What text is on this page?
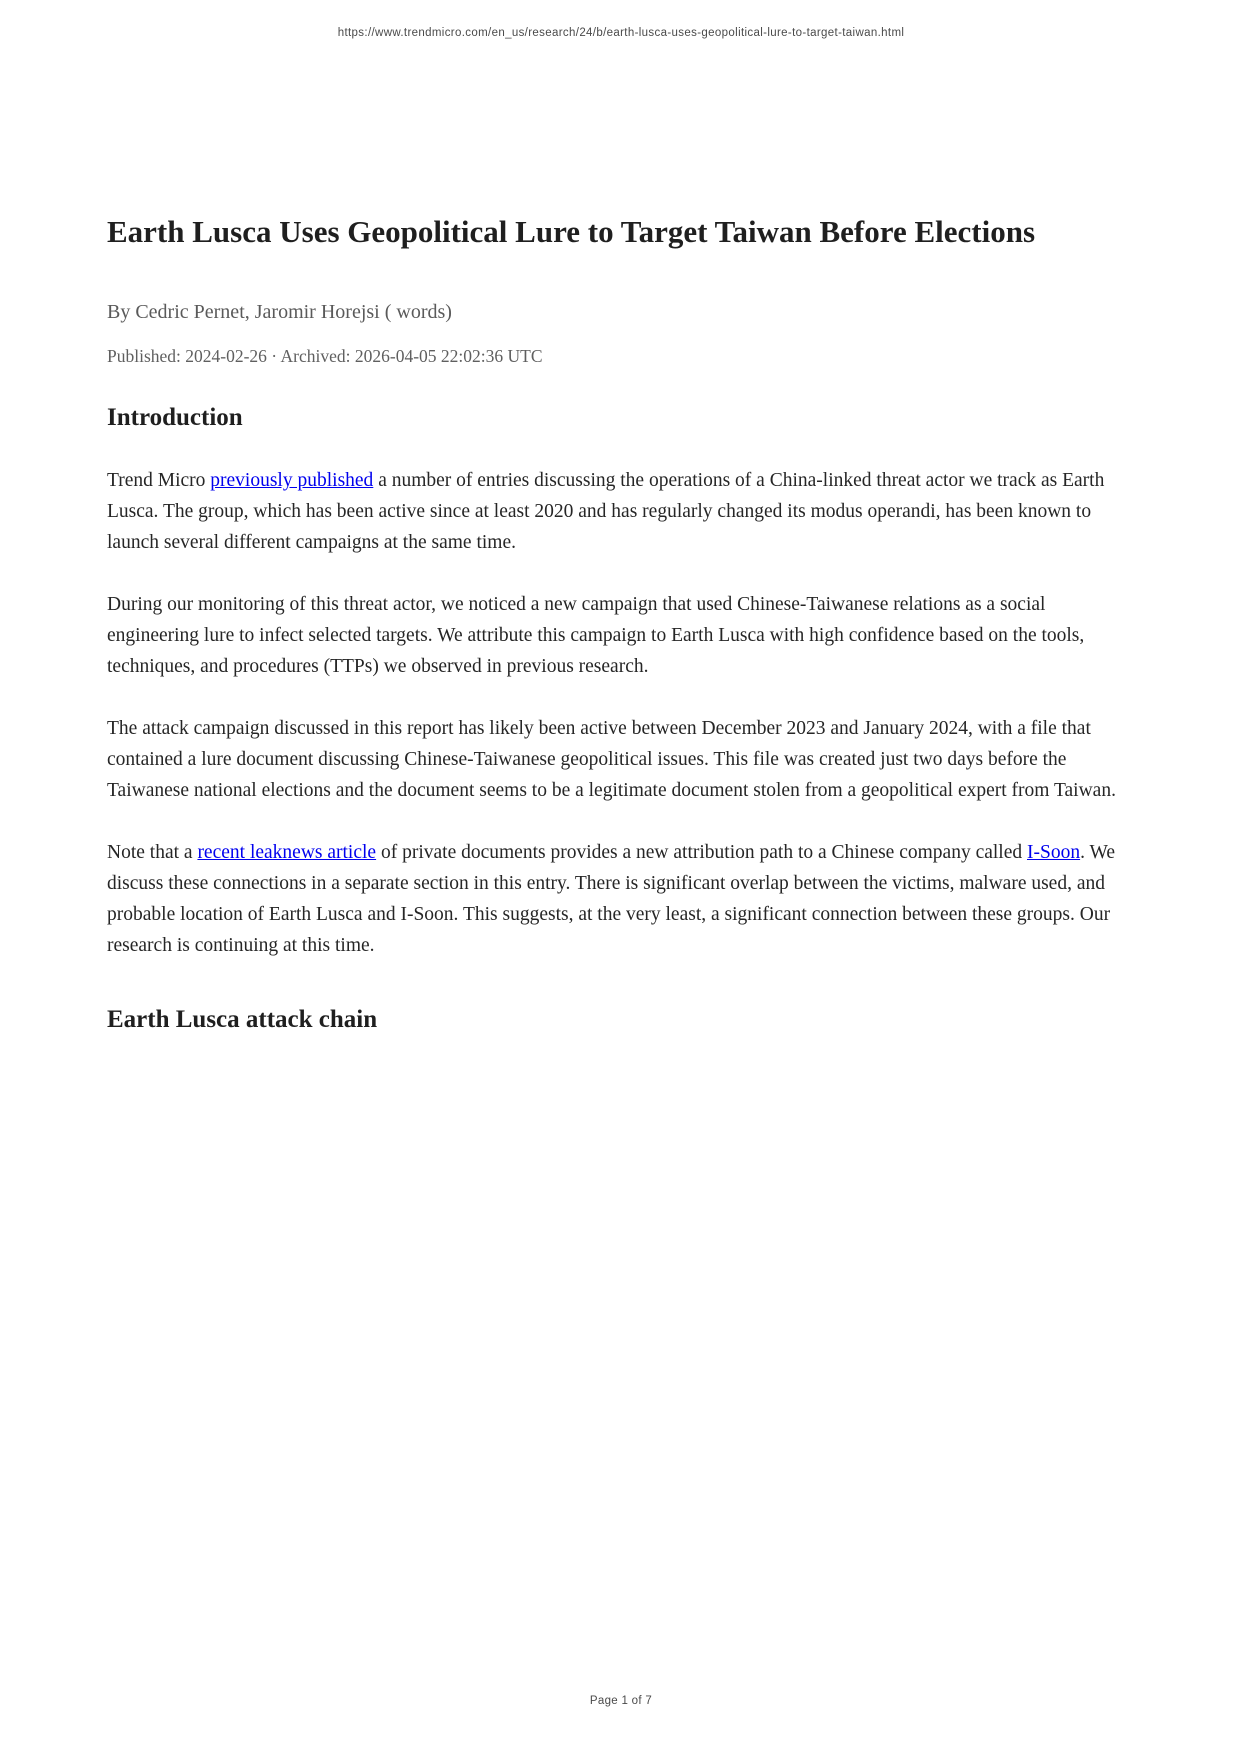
https://www.trendmicro.com/en_us/research/24/b/earth-lusca-uses-geopolitical-lure-to-target-taiwan.html
Earth Lusca Uses Geopolitical Lure to Target Taiwan Before Elections
By Cedric Pernet, Jaromir Horejsi ( words)
Published: 2024-02-26 · Archived: 2026-04-05 22:02:36 UTC
Introduction

Trend Micro previously published a number of entries discussing the operations of a China-linked threat actor we track as Earth Lusca. The group, which has been active since at least 2020 and has regularly changed its modus operandi, has been known to launch several different campaigns at the same time.

During our monitoring of this threat actor, we noticed a new campaign that used Chinese-Taiwanese relations as a social engineering lure to infect selected targets. We attribute this campaign to Earth Lusca with high confidence based on the tools, techniques, and procedures (TTPs) we observed in previous research.

The attack campaign discussed in this report has likely been active between December 2023 and January 2024, with a file that contained a lure document discussing Chinese-Taiwanese geopolitical issues. This file was created just two days before the Taiwanese national elections and the document seems to be a legitimate document stolen from a geopolitical expert from Taiwan.

Note that a recent leaknews article of private documents provides a new attribution path to a Chinese company called I-Soon. We discuss these connections in a separate section in this entry. There is significant overlap between the victims, malware used, and probable location of Earth Lusca and I-Soon. This suggests, at the very least, a significant connection between these groups. Our research is continuing at this time.

Earth Lusca attack chain
Page 1 of 7
